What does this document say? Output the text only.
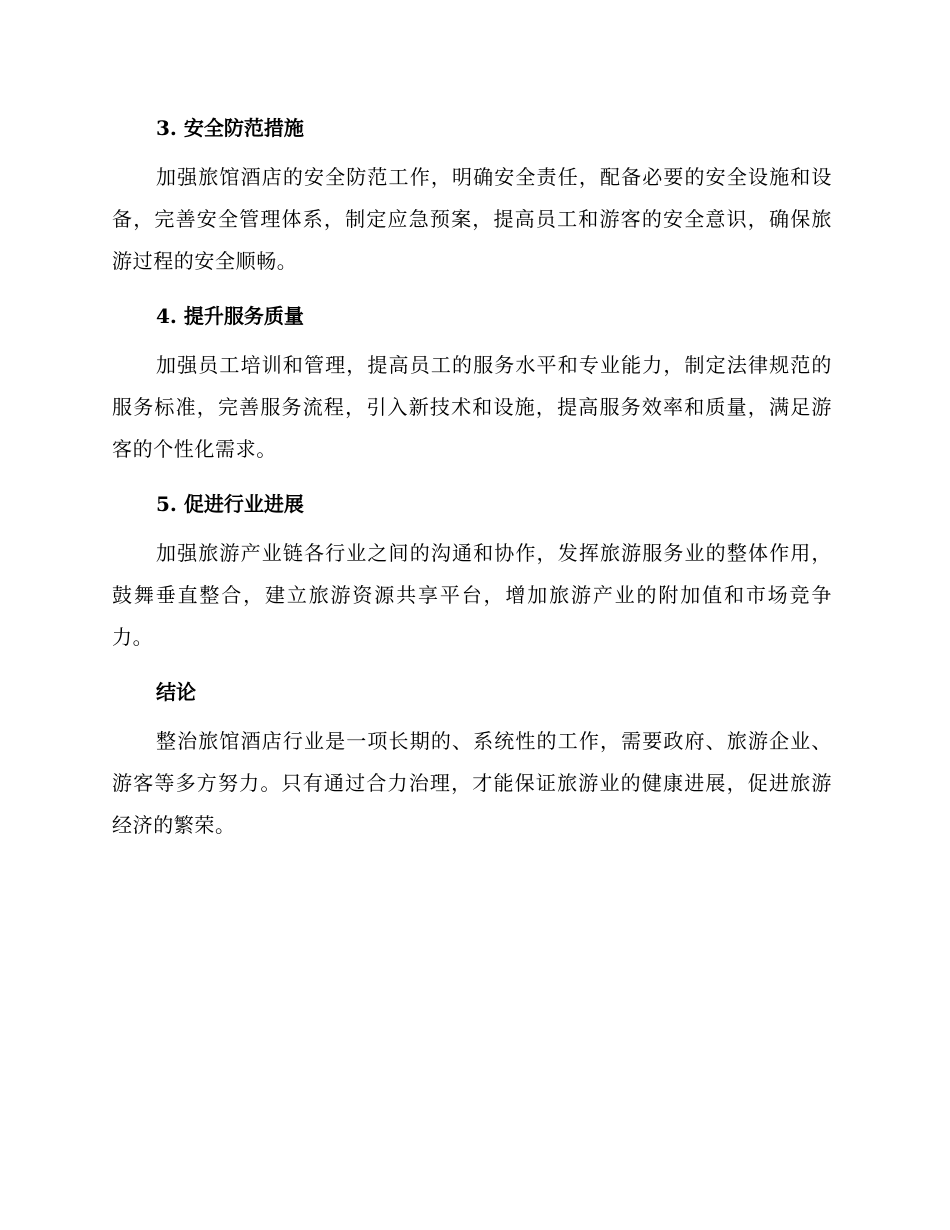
3. 安全防范措施

加强旅馆酒店的安全防范工作，明确安全责任，配备必要的安全设施和设备，完善安全管理体系，制定应急预案，提高员工和游客的安全意识，确保旅游过程的安全顺畅。

4. 提升服务质量

加强员工培训和管理，提高员工的服务水平和专业能力，制定法律规范的服务标准，完善服务流程，引入新技术和设施，提高服务效率和质量，满足游客的个性化需求。

5. 促进行业进展

加强旅游产业链各行业之间的沟通和协作，发挥旅游服务业的整体作用，鼓舞垂直整合，建立旅游资源共享平台，增加旅游产业的附加值和市场竞争力。

结论

整治旅馆酒店行业是一项长期的、系统性的工作，需要政府、旅游企业、游客等多方努力。只有通过合力治理，才能保证旅游业的健康进展，促进旅游经济的繁荣。
